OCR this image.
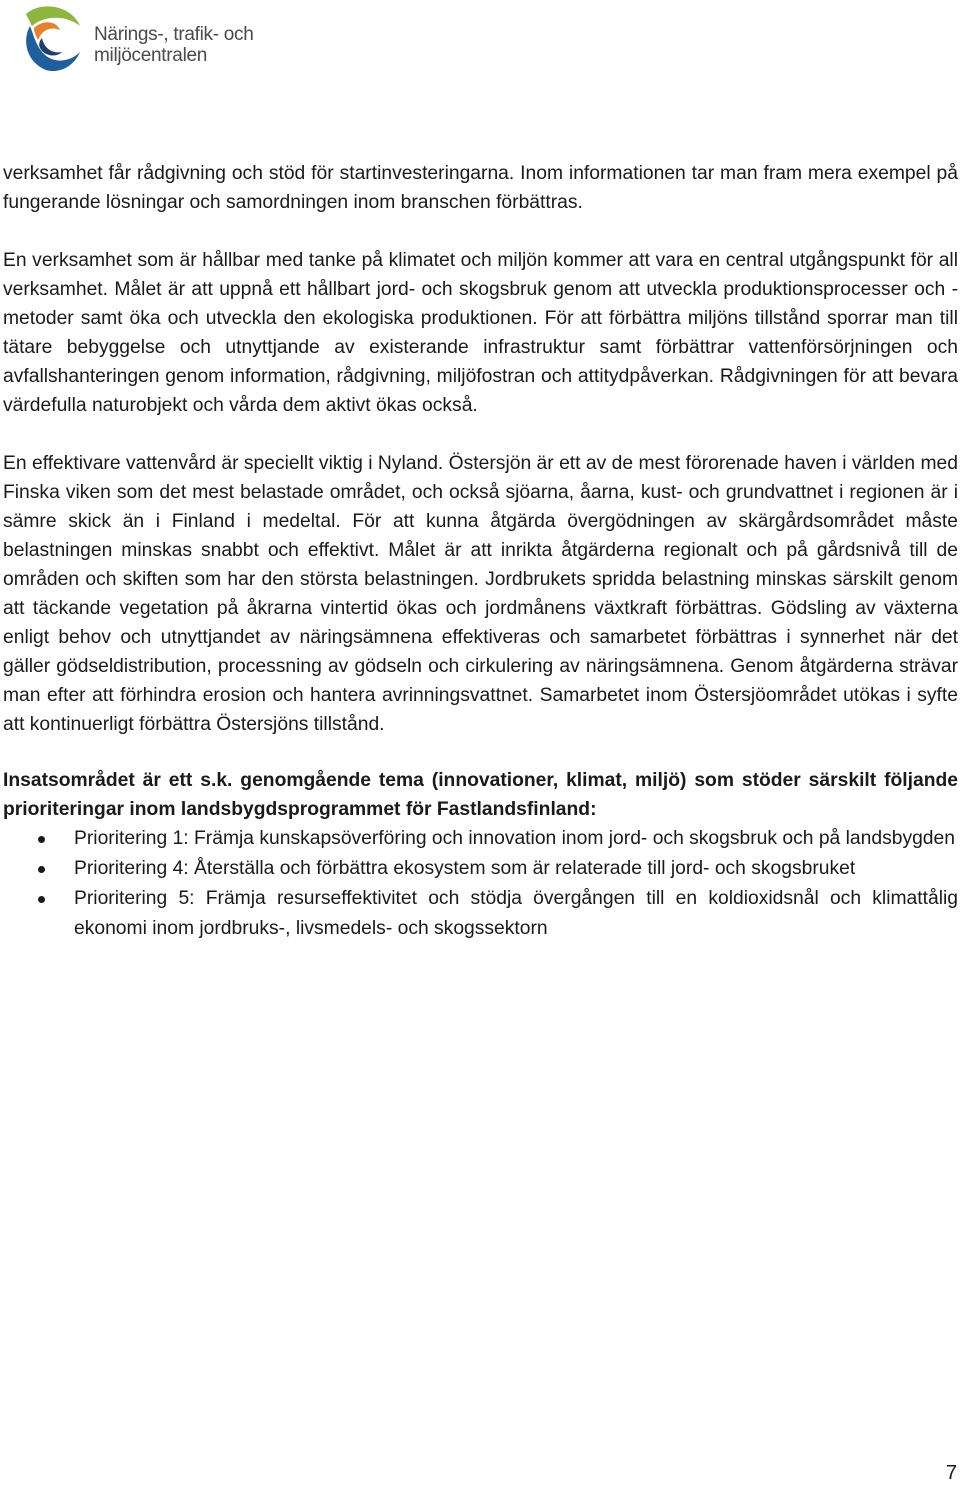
Närings-, trafik- och
miljöcentralen

verksamhet får rådgivning och stöd för startinvesteringarna. Inom informationen tar man fram mera exempel på fungerande lösningar och samordningen inom branschen förbättras.

En verksamhet som är hållbar med tanke på klimatet och miljön kommer att vara en central utgångspunkt för all verksamhet. Målet är att uppnå ett hållbart jord- och skogsbruk genom att utveckla produktionsprocesser och -metoder samt öka och utveckla den ekologiska produktionen. För att förbättra miljöns tillstånd sporrar man till tätare bebyggelse och utnyttjande av existerande infrastruktur samt förbättrar vattenförsörjningen och avfallshanteringen genom information, rådgivning, miljöfostran och attitydpåverkan. Rådgivningen för att bevara värdefulla naturobjekt och vårda dem aktivt ökas också.

En effektivare vattenvård är speciellt viktig i Nyland. Östersjön är ett av de mest förorenade haven i världen med Finska viken som det mest belastade området, och också sjöarna, åarna, kust- och grundvattnet i regionen är i sämre skick än i Finland i medeltal. För att kunna åtgärda övergödningen av skärgårdsområdet måste belastningen minskas snabbt och effektivt. Målet är att inrikta åtgärderna regionalt och på gårdsnivå till de områden och skiften som har den största belastningen. Jordbrukets spridda belastning minskas särskilt genom att täckande vegetation på åkrarna vintertid ökas och jordmånens växtkraft förbättras. Gödsling av växterna enligt behov och utnyttjandet av näringsämnena effektiveras och samarbetet förbättras i synnerhet när det gäller gödseldistribution, processning av gödseln och cirkulering av näringsämnena. Genom åtgärderna strävar man efter att förhindra erosion och hantera avrinningsvattnet. Samarbetet inom Östersjöområdet utökas i syfte att kontinuerligt förbättra Östersjöns tillstånd.

Insatsområdet är ett s.k. genomgående tema (innovationer, klimat, miljö) som stöder särskilt följande prioriteringar inom landsbygdsprogrammet för Fastlandsfinland:

Prioritering 1: Främja kunskapsöverföring och innovation inom jord- och skogsbruk och på landsbygden
Prioritering 4: Återställa och förbättra ekosystem som är relaterade till jord- och skogsbruket
Prioritering 5: Främja resurseffektivitet och stödja övergången till en koldioxidsnål och klimattålig ekonomi inom jordbruks-, livsmedels- och skogssektorn
7
